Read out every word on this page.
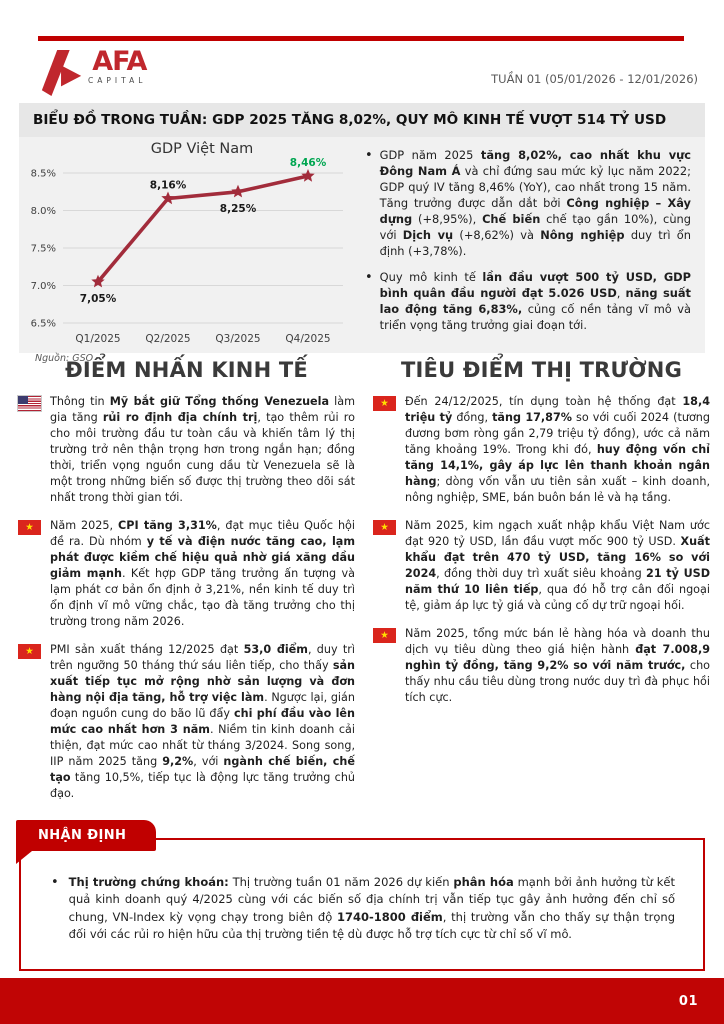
AFA
CAPITAL	TUẦN 01 (05/01/2026 - 12/01/2026)
BIỂU ĐỒ TRONG TUẦN: GDP 2025 TĂNG 8,02%, QUY MÔ KINH TẾ VƯỢT 514 TỶ USD
GDP Việt Nam
6.5%
7.0%
7.5%
8.0%
8.5%
Q1/2025 Q2/2025 Q3/2025 Q4/2025
7,05%
8,16%
8,25%
8,46%
Nguồn: GSO
• GDP năm 2025 tăng 8,02%, cao nhất khu vực Đông Nam Á và chỉ đứng sau mức kỷ lục năm 2022; GDP quý IV tăng 8,46% (YoY), cao nhất trong 15 năm. Tăng trưởng được dẫn dắt bởi Công nghiệp – Xây dựng (+8,95%), Chế biến chế tạo gần 10%), cùng với Dịch vụ (+8,62%) và Nông nghiệp duy trì ổn định (+3,78%).

• Quy mô kinh tế lần đầu vượt 500 tỷ USD, GDP bình quân đầu người đạt 5.026 USD, năng suất lao động tăng 6,83%, củng cố nền tảng vĩ mô và triển vọng tăng trưởng giai đoạn tới.

ĐIỂM NHẤN KINH TẾ

Thông tin Mỹ bắt giữ Tổng thống Venezuela làm gia tăng rủi ro định địa chính trị, tạo thêm rủi ro cho môi trường đầu tư toàn cầu và khiến tâm lý thị trường trở nên thận trọng hơn trong ngắn hạn; đồng thời, triển vọng nguồn cung dầu từ Venezuela sẽ là một trong những biến số được thị trường theo dõi sát nhất trong thời gian tới.

★

Năm 2025, CPI tăng 3,31%, đạt mục tiêu Quốc hội đề ra. Dù nhóm y tế và điện nước tăng cao, lạm phát được kiềm chế hiệu quả nhờ giá xăng dầu giảm mạnh. Kết hợp GDP tăng trưởng ấn tượng và lạm phát cơ bản ổn định ở 3,21%, nền kinh tế duy trì ổn định vĩ mô vững chắc, tạo đà tăng trưởng cho thị trường trong năm 2026.

★

PMI sản xuất tháng 12/2025 đạt 53,0 điểm, duy trì trên ngưỡng 50 tháng thứ sáu liên tiếp, cho thấy sản xuất tiếp tục mở rộng nhờ sản lượng và đơn hàng nội địa tăng, hỗ trợ việc làm. Ngược lại, gián đoạn nguồn cung do bão lũ đẩy chi phí đầu vào lên mức cao nhất hơn 3 năm. Niềm tin kinh doanh cải thiện, đạt mức cao nhất từ tháng 3/2024. Song song, IIP năm 2025 tăng 9,2%, với ngành chế biến, chế tạo tăng 10,5%, tiếp tục là động lực tăng trưởng chủ đạo.

TIÊU ĐIỂM THỊ TRƯỜNG
★

Đến 24/12/2025, tín dụng toàn hệ thống đạt 18,4 triệu tỷ đồng, tăng 17,87% so với cuối 2024 (tương đương bơm ròng gần 2,79 triệu tỷ đồng), ước cả năm tăng khoảng 19%. Trong khi đó, huy động vốn chỉ tăng 14,1%, gây áp lực lên thanh khoản ngân hàng; dòng vốn vẫn ưu tiên sản xuất – kinh doanh, nông nghiệp, SME, bán buôn bán lẻ và hạ tầng.

★

Năm 2025, kim ngạch xuất nhập khẩu Việt Nam ước đạt 920 tỷ USD, lần đầu vượt mốc 900 tỷ USD. Xuất khẩu đạt trên 470 tỷ USD, tăng 16% so với 2024, đồng thời duy trì xuất siêu khoảng 21 tỷ USD năm thứ 10 liên tiếp, qua đó hỗ trợ cân đối ngoại tệ, giảm áp lực tỷ giá và củng cố dự trữ ngoại hối.

★

Năm 2025, tổng mức bán lẻ hàng hóa và doanh thu dịch vụ tiêu dùng theo giá hiện hành đạt 7.008,9 nghìn tỷ đồng, tăng 9,2% so với năm trước, cho thấy nhu cầu tiêu dùng trong nước duy trì đà phục hồi tích cực.

NHẬN ĐỊNH
• Thị trường chứng khoán: Thị trường tuần 01 năm 2026 dự kiến phân hóa mạnh bởi ảnh hưởng từ kết quả kinh doanh quý 4/2025 cùng với các biến số địa chính trị vẫn tiếp tục gây ảnh hưởng đến chỉ số chung, VN-Index kỳ vọng chạy trong biên độ 1740-1800 điểm, thị trường vẫn cho thấy sự thận trọng đối với các rủi ro hiện hữu của thị trường tiền tệ dù được hỗ trợ tích cực từ chỉ số vĩ mô.

01
